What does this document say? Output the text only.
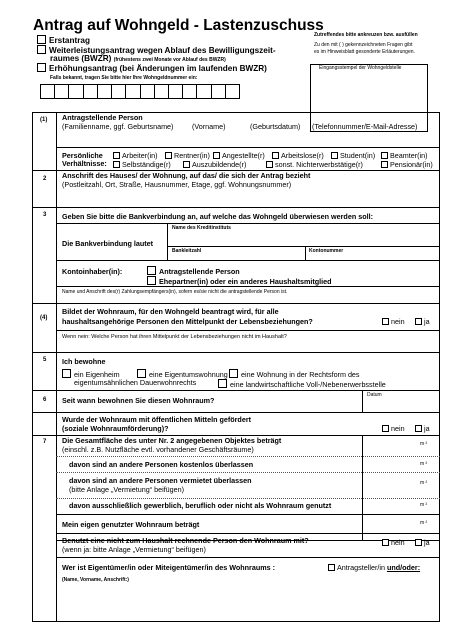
Antrag auf Wohngeld - Lastenzuschuss
Erstantrag
Weiterleistungsantrag wegen Ablauf des Bewilligungszeit-
raumes (BWZR) (frühestens zwei Monate vor Ablauf des BWZR)
Erhöhungsantrag (bei Änderungen im laufenden BWZR)
Zutreffendes bitte ankreuzen bzw. ausfüllen
Zu den mit ( ) gekennzeichneten Fragen gibt
es im Hinweisblatt gesonderte Erläuterungen.
Eingangsstempel der Wohngeldstelle
Falls bekannt, tragen Sie bitte hier Ihre Wohngeldnummer ein:
(1) Antragstellende Person
(Familienname, ggf. Geburtsname)	(Vorname)	(Geburtsdatum) (Telefonnummer/E-Mail-Adresse)
Persönliche
Verhältnisse:
Arbeiter(in)	Rentner(in)	Angestellte(r)	Arbeitslose(r)	Student(in)	Beamter(in)
Selbständige(r)	Auszubildende(r)	sonst. Nichterwerbstätige(r)	Pensionär(in)
2 Anschrift des Hauses/ der Wohnung, auf das/ die sich der Antrag bezieht
(Postleitzahl, Ort, Straße, Hausnummer, Etage, ggf. Wohnungsnummer)
3 Geben Sie bitte die Bankverbindung an, auf welche das Wohngeld überwiesen werden soll:
Name des Kreditinstituts
Die Bankverbindung lautet
Bankleitzahl	Kontonummer
Kontoinhaber(in):	Antragstellende Person
Ehepartner(in) oder ein anderes Haushaltsmitglied
Name und Anschrift des(r) Zahlungsempfängers(in), sofern es/sie nicht die antragstellende Person ist.
(4)
Bildet der Wohnraum, für den Wohngeld beantragt wird, für alle
haushaltsangehörige Personen den Mittelpunkt der Lebensbeziehungen?	nein	ja
Wenn nein: Welche Person hat ihren Mittelpunkt der Lebensbeziehungen nicht im Haushalt?
5 Ich bewohne
ein Eigenheim	eine Eigentumswohnung	eine Wohnung in der Rechtsform des
eigentumsähnlichen Dauerwohnrechts	eine landwirtschaftliche Voll-/Nebenerwerbsstelle
6 Seit wann bewohnen Sie diesen Wohnraum?
Datum
Wurde der Wohnraum mit öffentlichen Mitteln gefördert
(soziale Wohnraumförderung)?	nein	ja
7 Die Gesamtfläche des unter Nr. 2 angegebenen Objektes beträgt
(einschl. z.B. Nutzfläche evtl. vorhandener Geschäftsräume)
m ²
davon sind an andere Personen kostenlos überlassen	m ²
davon sind an andere Personen vermietet überlassen
(bitte Anlage „Vermietung“ beifügen)
m ²
davon ausschließlich gewerblich, beruflich oder nicht als Wohnraum genutzt	m ²
Mein eigen genutzter Wohnraum beträgt	m ²
Benutzt eine nicht zum Haushalt rechnende Person den Wohnraum mit?
(wenn ja: bitte Anlage „Vermietung“ beifügen)
nein	ja
Wer ist Eigentümer/in oder Miteigentümer/in des Wohnraums :	Antragsteller/in und/oder:
(Name, Vorname, Anschrift:)
